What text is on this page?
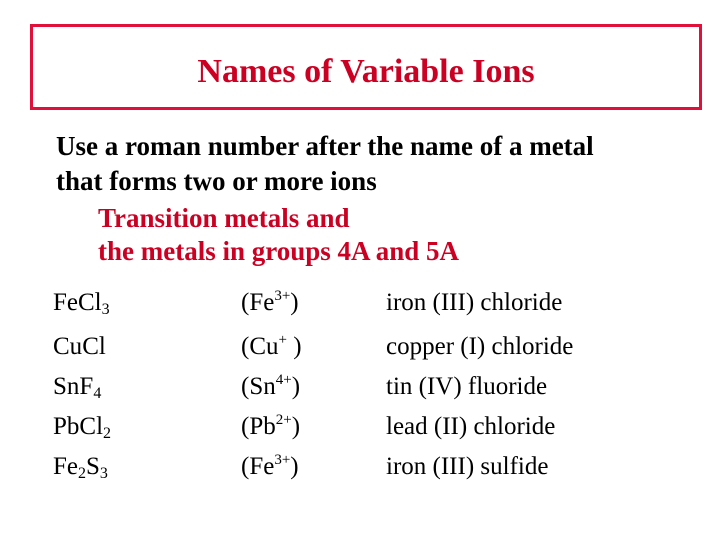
Names of Variable Ions
Use a roman number after the name of a metal
that forms two or more ions
Transition metals and
the metals in groups 4A and 5A
FeCl$_3$	$(Fe^{3+})$	iron (III) chloride
CuCl	(Cu+ )	copper (I) chloride
SnF$_4$	$(Sn^{4+})$	tin (IV) fluoride
PbCl$_2$	$(Pb^{2+})$	lead (II) chloride
$Fe_2S_3$	$(Fe^{3+})$	iron (III) sulfide
